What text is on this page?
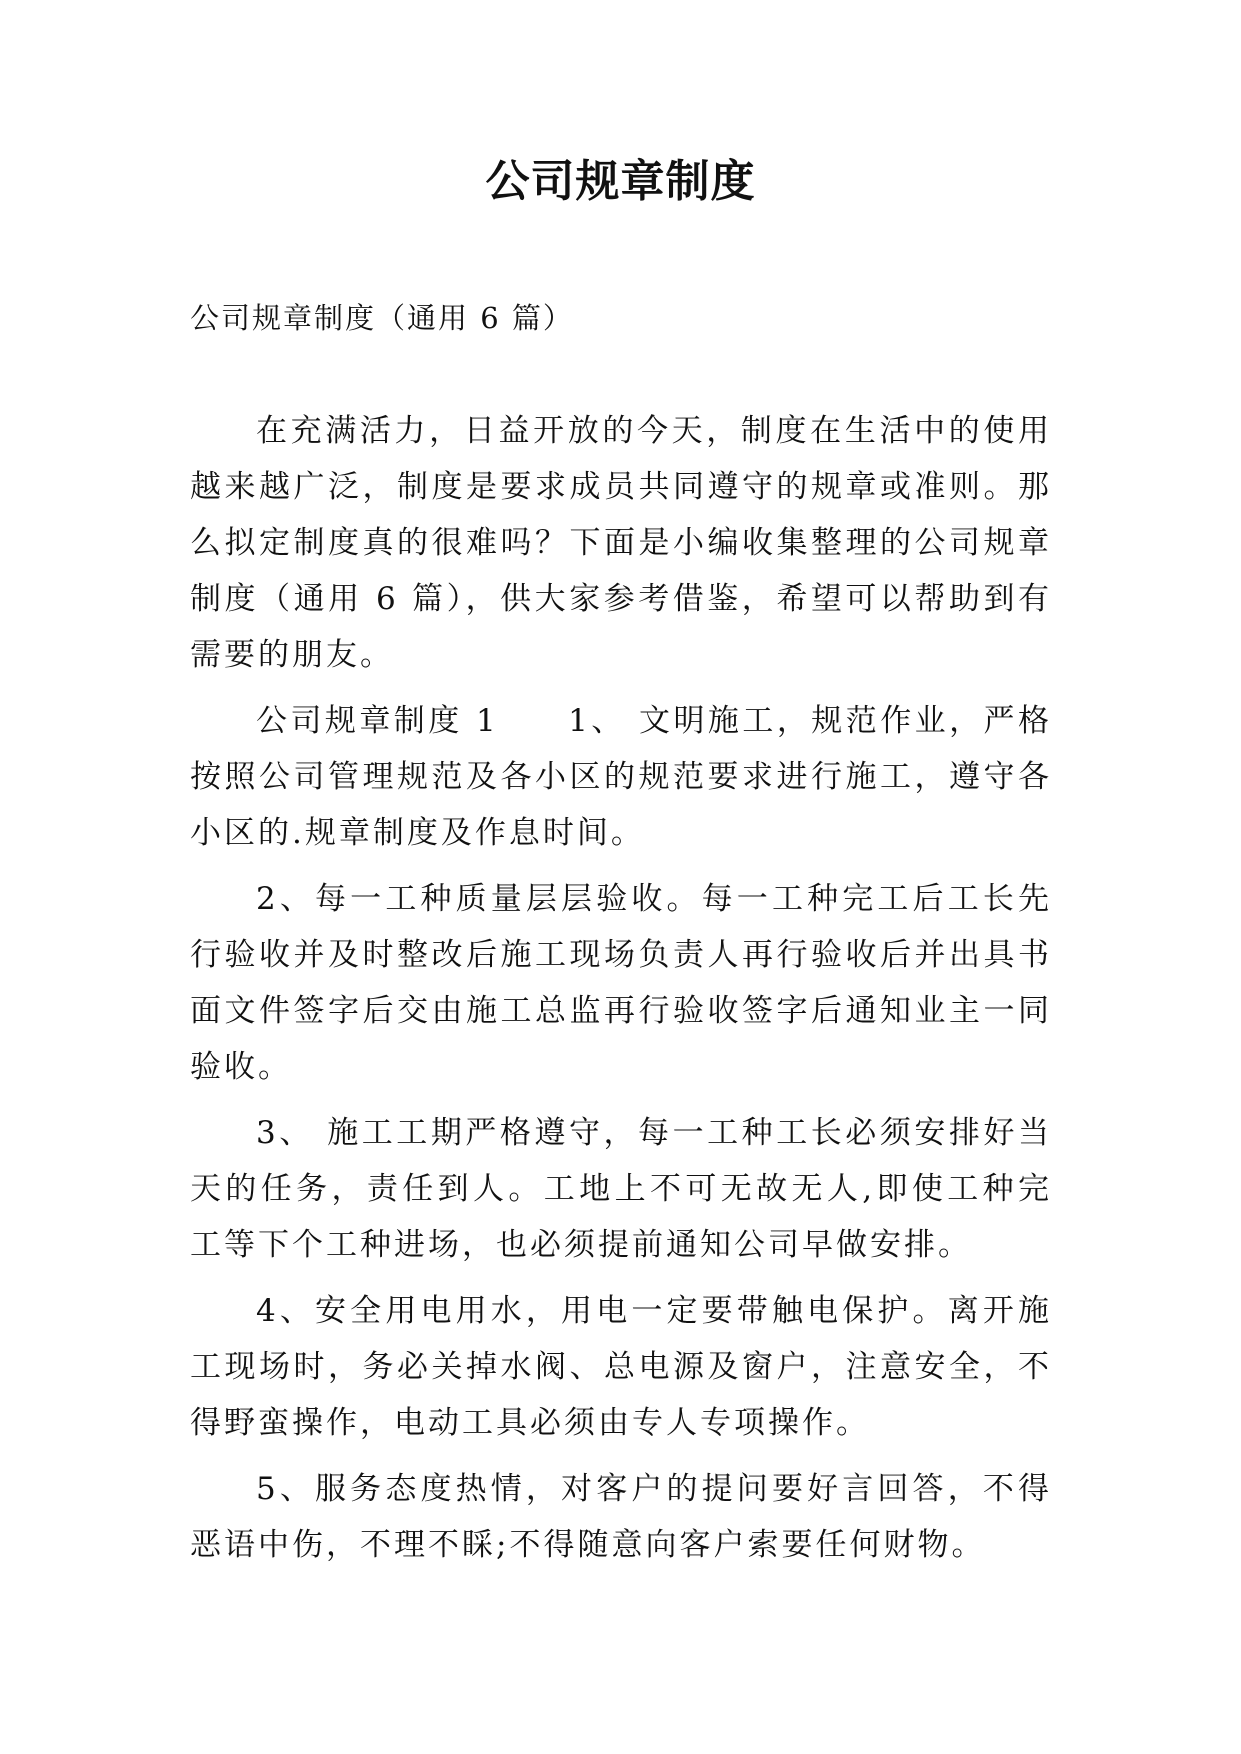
公司规章制度
公司规章制度（通用 6 篇）

在充满活力，日益开放的今天，制度在生活中的使用越来越广泛，制度是要求成员共同遵守的规章或准则。那么拟定制度真的很难吗？下面是小编收集整理的公司规章制度（通用 6 篇），供大家参考借鉴，希望可以帮助到有需要的朋友。

公司规章制度 1　　1、 文明施工，规范作业，严格按照公司管理规范及各小区的规范要求进行施工，遵守各小区的.规章制度及作息时间。

2、每一工种质量层层验收。每一工种完工后工长先行验收并及时整改后施工现场负责人再行验收后并出具书面文件签字后交由施工总监再行验收签字后通知业主一同验收。

3、 施工工期严格遵守，每一工种工长必须安排好当天的任务，责任到人。工地上不可无故无人,即使工种完工等下个工种进场，也必须提前通知公司早做安排。

4、安全用电用水，用电一定要带触电保护。离开施工现场时，务必关掉水阀、总电源及窗户，注意安全，不得野蛮操作，电动工具必须由专人专项操作。

5、服务态度热情，对客户的提问要好言回答，不得恶语中伤，不理不睬;不得随意向客户索要任何财物。
